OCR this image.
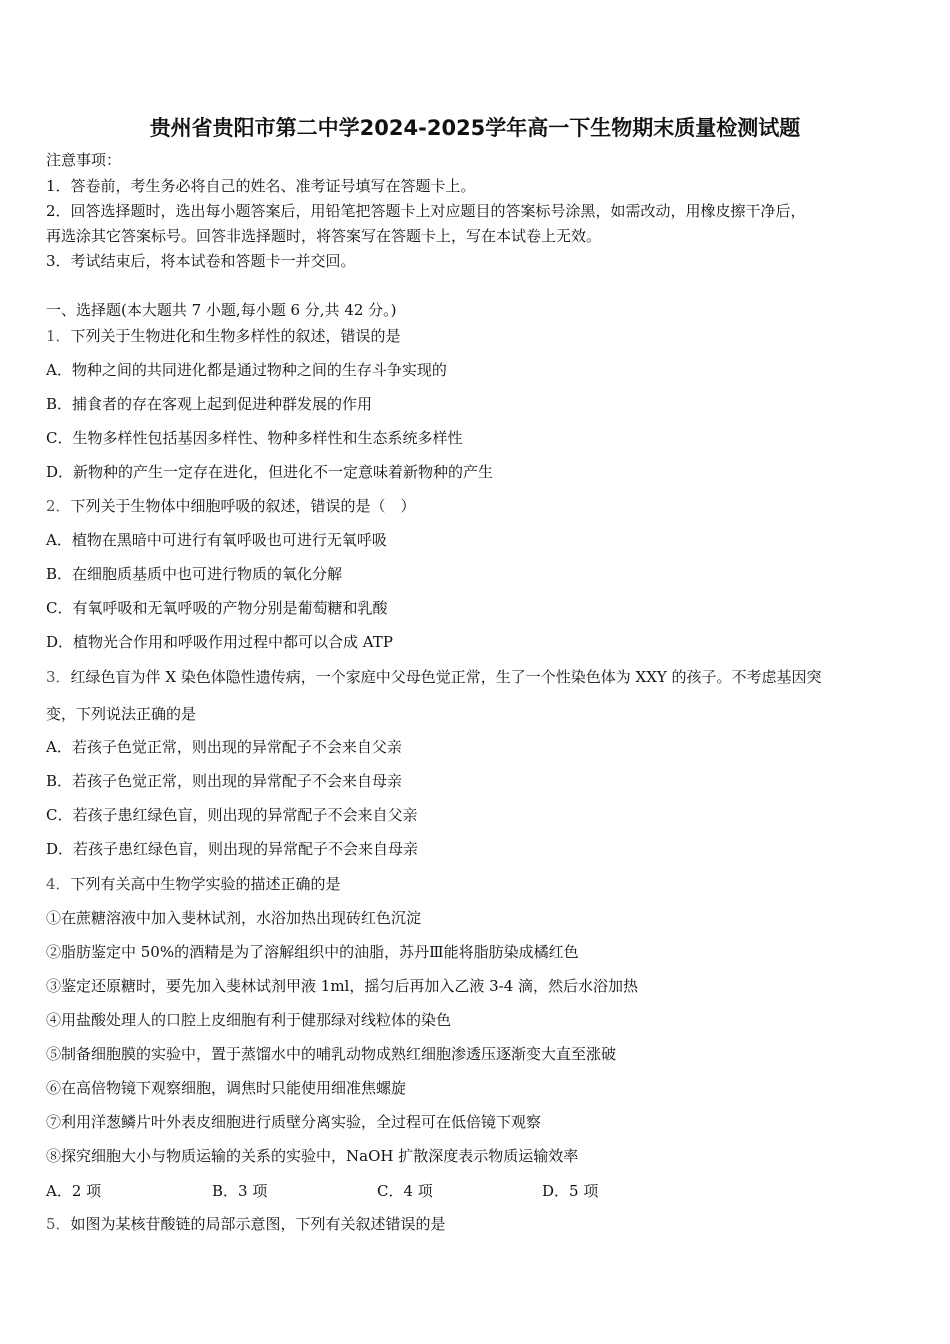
贵州省贵阳市第二中学2024-2025学年高一下生物期末质量检测试题
注意事项：
1．答卷前，考生务必将自己的姓名、准考证号填写在答题卡上。
2．回答选择题时，选出每小题答案后，用铅笔把答题卡上对应题目的答案标号涂黑，如需改动，用橡皮擦干净后，
再选涂其它答案标号。回答非选择题时，将答案写在答题卡上，写在本试卷上无效。
3．考试结束后，将本试卷和答题卡一并交回。
一、选择题(本大题共 7 小题,每小题 6 分,共 42 分。)
1．下列关于生物进化和生物多样性的叙述，错误的是
A．物种之间的共同进化都是通过物种之间的生存斗争实现的
B．捕食者的存在客观上起到促进种群发展的作用
C．生物多样性包括基因多样性、物种多样性和生态系统多样性
D．新物种的产生一定存在进化，但进化不一定意味着新物种的产生
2．下列关于生物体中细胞呼吸的叙述，错误的是（　）
A．植物在黑暗中可进行有氧呼吸也可进行无氧呼吸
B．在细胞质基质中也可进行物质的氧化分解
C．有氧呼吸和无氧呼吸的产物分别是葡萄糖和乳酸
D．植物光合作用和呼吸作用过程中都可以合成 ATP
3．红绿色盲为伴 X 染色体隐性遗传病，一个家庭中父母色觉正常，生了一个性染色体为 XXY 的孩子。不考虑基因突
变，下列说法正确的是
A．若孩子色觉正常，则出现的异常配子不会来自父亲
B．若孩子色觉正常，则出现的异常配子不会来自母亲
C．若孩子患红绿色盲，则出现的异常配子不会来自父亲
D．若孩子患红绿色盲，则出现的异常配子不会来自母亲
4．下列有关高中生物学实验的描述正确的是
①在蔗糖溶液中加入斐林试剂，水浴加热出现砖红色沉淀
②脂肪鉴定中 50%的酒精是为了溶解组织中的油脂，苏丹Ⅲ能将脂肪染成橘红色
③鉴定还原糖时，要先加入斐林试剂甲液 1ml，摇匀后再加入乙液 3-4 滴，然后水浴加热
④用盐酸处理人的口腔上皮细胞有利于健那绿对线粒体的染色
⑤制备细胞膜的实验中，置于蒸馏水中的哺乳动物成熟红细胞渗透压逐渐变大直至涨破
⑥在高倍物镜下观察细胞，调焦时只能使用细准焦螺旋
⑦利用洋葱鳞片叶外表皮细胞进行质壁分离实验，全过程可在低倍镜下观察
⑧探究细胞大小与物质运输的关系的实验中，NaOH 扩散深度表示物质运输效率
A．2 项	B．3 项	C．4 项	D．5 项
5．如图为某核苷酸链的局部示意图，下列有关叙述错误的是
